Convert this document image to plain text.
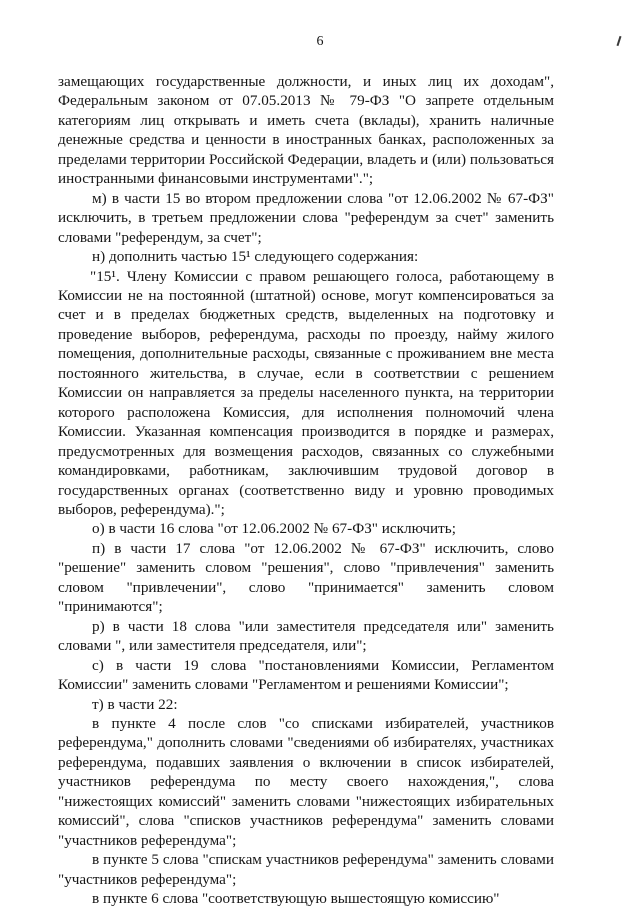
6

замещающих государственные должности, и иных лиц их доходам", Федеральным законом от 07.05.2013 № 79-ФЗ "О запрете отдельным категориям лиц открывать и иметь счета (вклады), хранить наличные денежные средства и ценности в иностранных банках, расположенных за пределами территории Российской Федерации, владеть и (или) пользоваться иностранными финансовыми инструментами".";

м) в части 15 во втором предложении слова "от 12.06.2002 № 67-ФЗ" исключить, в третьем предложении слова "референдум за счет" заменить словами "референдум, за счет";

н) дополнить частью 15¹ следующего содержания:

"15¹. Члену Комиссии с правом решающего голоса, работающему в Комиссии не на постоянной (штатной) основе, могут компенсироваться за счет и в пределах бюджетных средств, выделенных на подготовку и проведение выборов, референдума, расходы по проезду, найму жилого помещения, дополнительные расходы, связанные с проживанием вне места постоянного жительства, в случае, если в соответствии с решением Комиссии он направляется за пределы населенного пункта, на территории которого расположена Комиссия, для исполнения полномочий члена Комиссии. Указанная компенсация производится в порядке и размерах, предусмотренных для возмещения расходов, связанных со служебными командировками, работникам, заключившим трудовой договор в государственных органах (соответственно виду и уровню проводимых выборов, референдума).";

о) в части 16 слова "от 12.06.2002 № 67-ФЗ" исключить;

п) в части 17 слова "от 12.06.2002 № 67-ФЗ" исключить, слово "решение" заменить словом "решения", слово "привлечения" заменить словом "привлечении", слово "принимается" заменить словом "принимаются";

р) в части 18 слова "или заместителя председателя или" заменить словами ", или заместителя председателя, или";

с) в части 19 слова "постановлениями Комиссии, Регламентом Комиссии" заменить словами "Регламентом и решениями Комиссии";

т) в части 22:

в пункте 4 после слов "со списками избирателей, участников референдума," дополнить словами "сведениями об избирателях, участниках референдума, подавших заявления о включении в список избирателей, участников референдума по месту своего нахождения,", слова "нижестоящих комиссий" заменить словами "нижестоящих избирательных комиссий", слова "списков участников референдума" заменить словами "участников референдума";

в пункте 5 слова "спискам участников референдума" заменить словами "участников референдума";

в пункте 6 слова "соответствующую вышестоящую комиссию"
